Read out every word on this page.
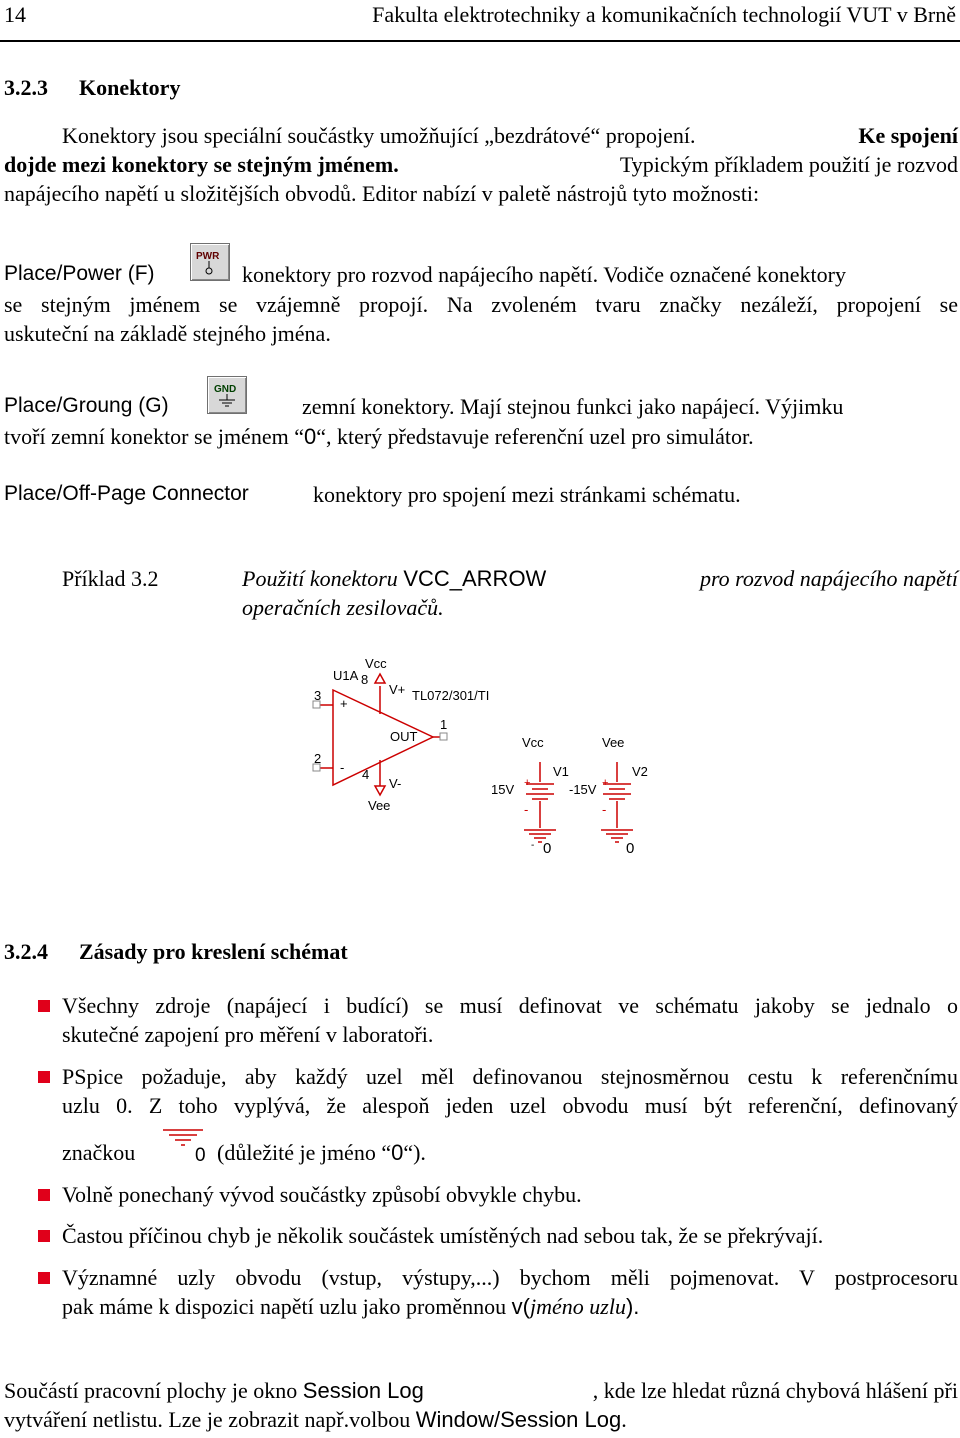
14	Fakulta elektrotechniky a komunikačních technologií VUT v Brně
3.2.3 Konektory
Konektory jsou speciální součástky umožňující „bezdrátové“ propojení.	Ke spojení
dojde mezi konektory se stejným jménem.	Typickým příkladem použití je rozvod
napájecího napětí u složitějších obvodů. Editor nabízí v paletě nástrojů tyto možnosti:
Place/Power (F)
PWR
konektory pro rozvod napájecího napětí. Vodiče označené konektory
se stejným jménem se vzájemně propojí. Na zvoleném tvaru značky nezáleží, propojení se
uskuteční na základě stejného jména.
Place/Groung (G)
GND
zemní konektory. Mají stejnou funkci jako napájecí. Výjimku
tvoří zemní konektor se jménem “0“, který představuje referenční uzel pro simulátor.
Place/Off-Page Connector	konektory pro spojení mezi stránkami schématu.
Příklad 3.2	Použití konektoru VCC_ARROW	pro rozvod napájecího napětí
operačních zesilovačů.
Vcc
U1A 8
V+ TL072/301/TI
3
+
1
OUT
2
- 4
V-
Vee
+
-
Vcc
V1
15V
0
-
+
-
Vee
V2
-15V
0
3.2.4 Zásady pro kreslení schémat
Všechny zdroje (napájecí i budící) se musí definovat ve schématu jakoby se jednalo o
skutečné zapojení pro měření v laboratoři.
PSpice požaduje, aby každý uzel měl definovanou stejnosměrnou cestu k referenčnímu
uzlu 0. Z toho vyplývá, že alespoň jeden uzel obvodu musí být referenční, definovaný
značkou	0 (důležité je jméno “0“).
Volně ponechaný vývod součástky způsobí obvykle chybu.
Častou příčinou chyb je několik součástek umístěných nad sebou tak, že se překrývají.
Významné uzly obvodu (vstup, výstupy,...) bychom měli pojmenovat. V postprocesoru
pak máme k dispozici napětí uzlu jako proměnnou v(jméno uzlu).
Součástí pracovní plochy je okno Session Log	, kde lze hledat různá chybová hlášení při
vytváření netlistu. Lze je zobrazit např.volbou Window/Session Log.
